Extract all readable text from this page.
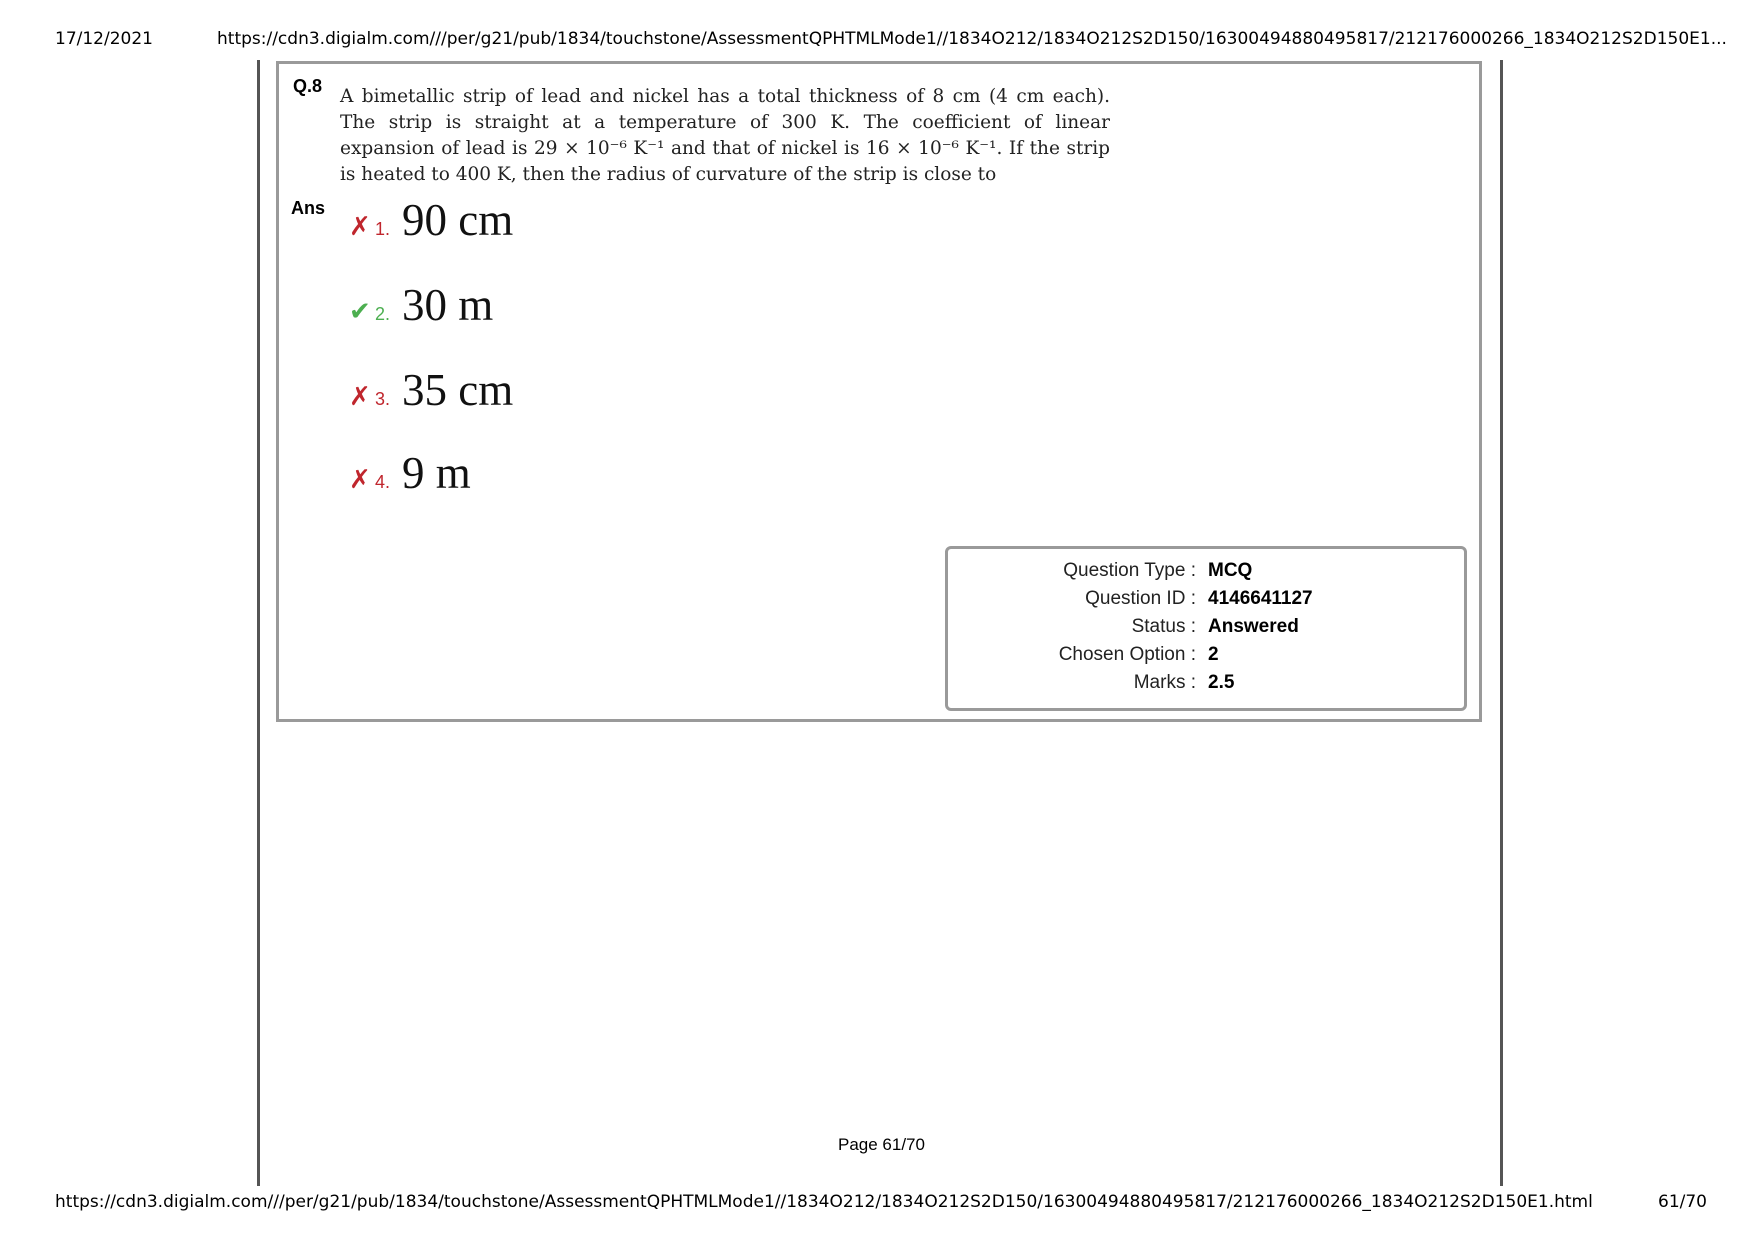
17/12/2021	https://cdn3.digialm.com///per/g21/pub/1834/touchstone/AssessmentQPHTMLMode1//1834O212/1834O212S2D150/16300494880495817/212176000266_1834O212S2D150E1...
Q.8 A bimetallic strip of lead and nickel has a total thickness of 8 cm (4 cm each). The strip is straight at a temperature of 300 K. The coefficient of linear expansion of lead is 29 × 10⁻⁶ K⁻¹ and that of nickel is 16 × 10⁻⁶ K⁻¹. If the strip is heated to 400 K, then the radius of curvature of the strip is close to
Ans
✗ 1. 90 cm
✔ 2. 30 m
✗ 3. 35 cm
✗ 4. 9 m
Question Type : MCQ
Question ID : 4146641127
Status : Answered
Chosen Option : 2
Marks : 2.5
Page 61/70
https://cdn3.digialm.com///per/g21/pub/1834/touchstone/AssessmentQPHTMLMode1//1834O212/1834O212S2D150/16300494880495817/212176000266_1834O212S2D150E1.html	61/70
